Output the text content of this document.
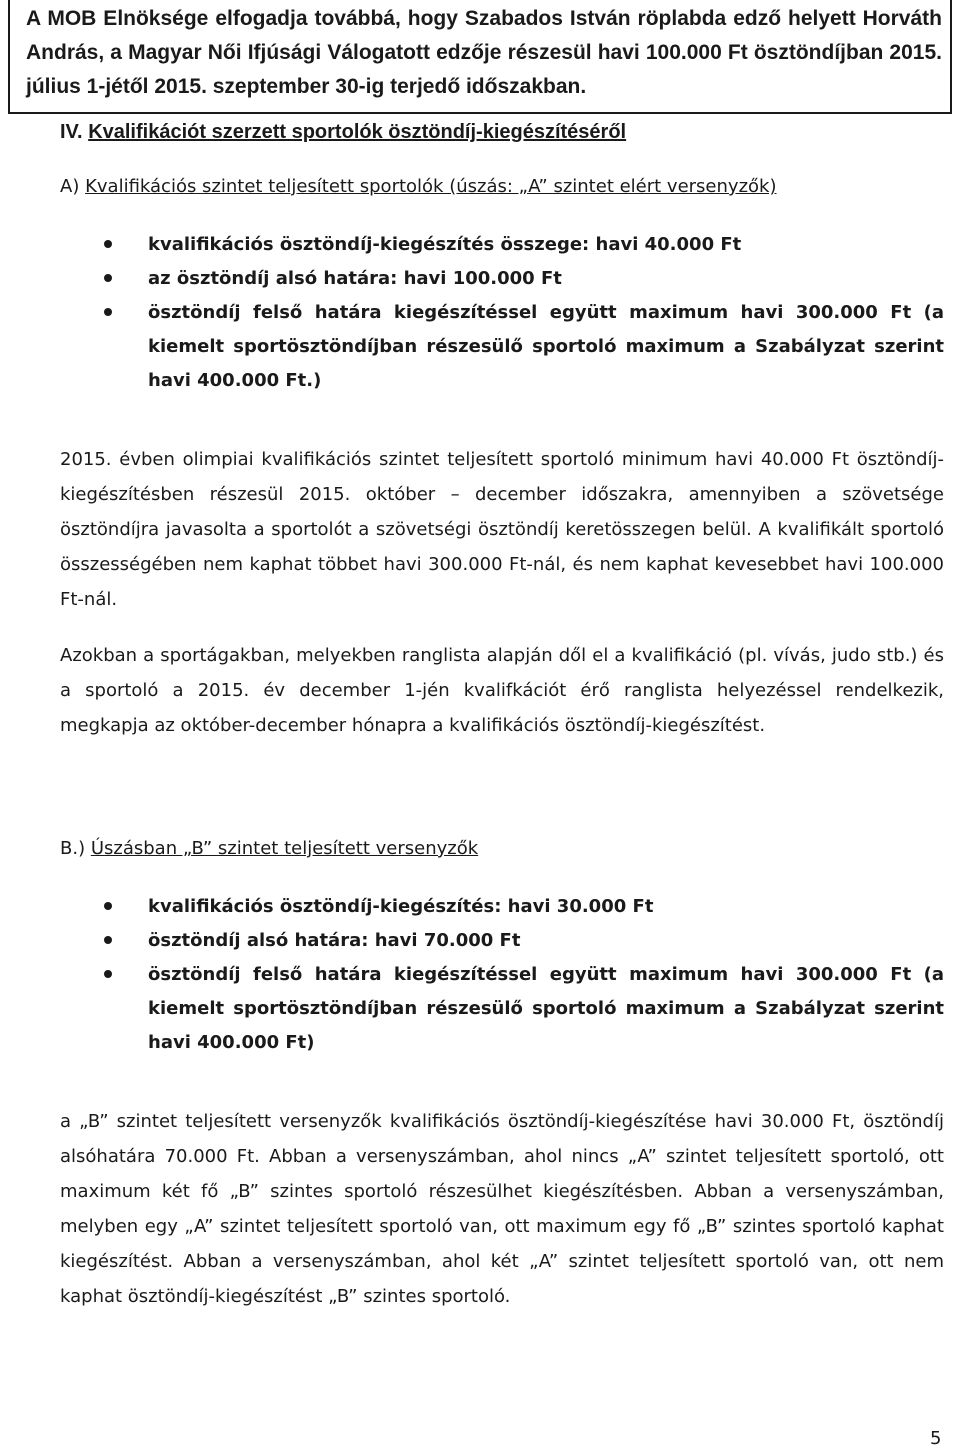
A MOB Elnöksége elfogadja továbbá, hogy Szabados István röplabda edző helyett Horváth András, a Magyar Női Ifjúsági Válogatott edzője részesül havi 100.000 Ft ösztöndíjban 2015. július 1-jétől 2015. szeptember 30-ig terjedő időszakban.

IV. Kvalifikációt szerzett sportolók ösztöndíj-kiegészítéséről

A) Kvalifikációs szintet teljesített sportolók (úszás: „A” szintet elért versenyzők)

kvalifikációs ösztöndíj-kiegészítés összege: havi 40.000 Ft
az ösztöndíj alsó határa: havi 100.000 Ft
ösztöndíj felső határa kiegészítéssel együtt maximum havi 300.000 Ft (a kiemelt sportösztöndíjban részesülő sportoló maximum a Szabályzat szerint havi 400.000 Ft.)

2015. évben olimpiai kvalifikációs szintet teljesített sportoló minimum havi 40.000 Ft ösztöndíj-kiegészítésben részesül 2015. október – december időszakra, amennyiben a szövetsége ösztöndíjra javasolta a sportolót a szövetségi ösztöndíj keretösszegen belül. A kvalifikált sportoló összességében nem kaphat többet havi 300.000 Ft-nál, és nem kaphat kevesebbet havi 100.000 Ft-nál.

Azokban a sportágakban, melyekben ranglista alapján dől el a kvalifikáció (pl. vívás, judo stb.) és a sportoló a 2015. év december 1-jén kvalifkációt érő ranglista helyezéssel rendelkezik, megkapja az október-december hónapra a kvalifikációs ösztöndíj-kiegészítést.

B.) Úszásban „B” szintet teljesített versenyzők

kvalifikációs ösztöndíj-kiegészítés: havi 30.000 Ft
ösztöndíj alsó határa: havi 70.000 Ft
ösztöndíj felső határa kiegészítéssel együtt maximum havi 300.000 Ft (a kiemelt sportösztöndíjban részesülő sportoló maximum a Szabályzat szerint havi 400.000 Ft)

a „B” szintet teljesített versenyzők kvalifikációs ösztöndíj-kiegészítése havi 30.000 Ft, ösztöndíj alsóhatára 70.000 Ft. Abban a versenyszámban, ahol nincs „A” szintet teljesített sportoló, ott maximum két fő „B” szintes sportoló részesülhet kiegészítésben. Abban a versenyszámban, melyben egy „A” szintet teljesített sportoló van, ott maximum egy fő „B” szintes sportoló kaphat kiegészítést. Abban a versenyszámban, ahol két „A” szintet teljesített sportoló van, ott nem kaphat ösztöndíj-kiegészítést „B” szintes sportoló.

5
